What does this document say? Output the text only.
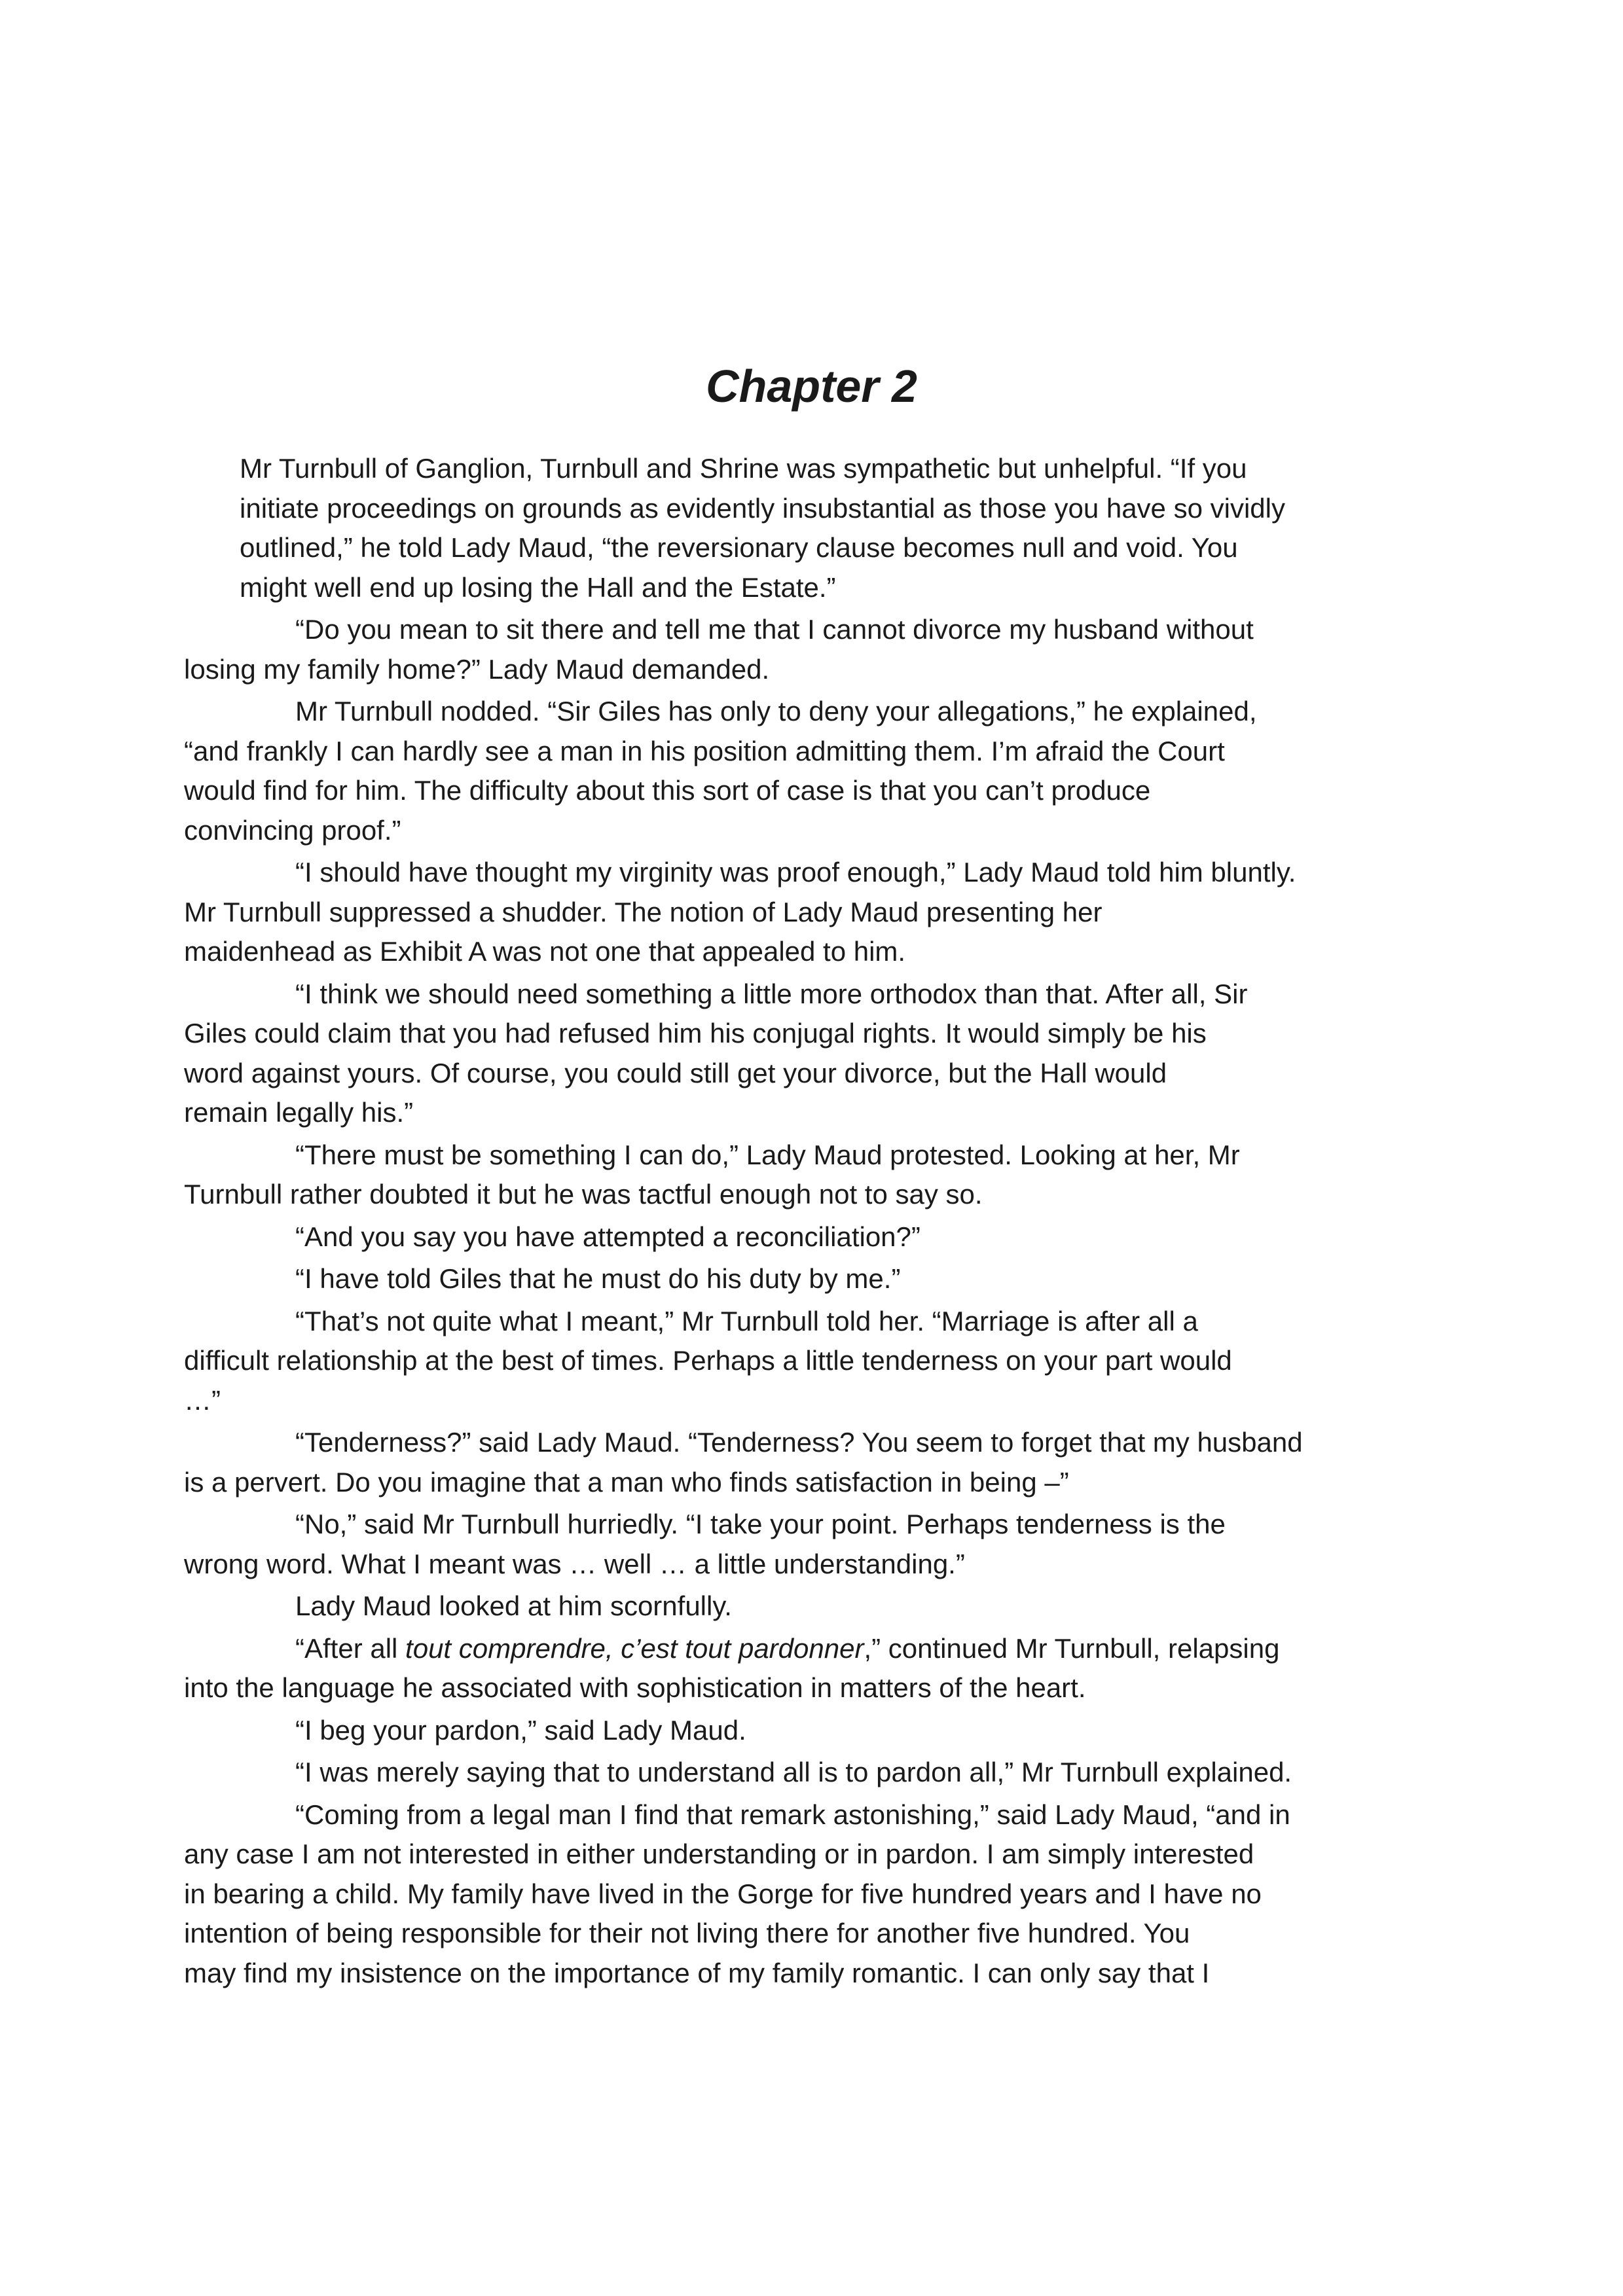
Chapter 2

Mr Turnbull of Ganglion, Turnbull and Shrine was sympathetic but unhelpful. “If you
initiate proceedings on grounds as evidently insubstantial as those you have so vividly
outlined,” he told Lady Maud, “the reversionary clause becomes null and void. You
might well end up losing the Hall and the Estate.”

“Do you mean to sit there and tell me that I cannot divorce my husband without
losing my family home?” Lady Maud demanded.

Mr Turnbull nodded. “Sir Giles has only to deny your allegations,” he explained,
“and frankly I can hardly see a man in his position admitting them. I’m afraid the Court
would find for him. The difficulty about this sort of case is that you can’t produce
convincing proof.”

“I should have thought my virginity was proof enough,” Lady Maud told him bluntly.
Mr Turnbull suppressed a shudder. The notion of Lady Maud presenting her
maidenhead as Exhibit A was not one that appealed to him.

“I think we should need something a little more orthodox than that. After all, Sir
Giles could claim that you had refused him his conjugal rights. It would simply be his
word against yours. Of course, you could still get your divorce, but the Hall would
remain legally his.”

“There must be something I can do,” Lady Maud protested. Looking at her, Mr
Turnbull rather doubted it but he was tactful enough not to say so.

“And you say you have attempted a reconciliation?”

“I have told Giles that he must do his duty by me.”

“That’s not quite what I meant,” Mr Turnbull told her. “Marriage is after all a
difficult relationship at the best of times. Perhaps a little tenderness on your part would
…”

“Tenderness?” said Lady Maud. “Tenderness? You seem to forget that my husband
is a pervert. Do you imagine that a man who finds satisfaction in being –”

“No,” said Mr Turnbull hurriedly. “I take your point. Perhaps tenderness is the
wrong word. What I meant was … well … a little understanding.”

Lady Maud looked at him scornfully.

“After all tout comprendre, c’est tout pardonner,” continued Mr Turnbull, relapsing
into the language he associated with sophistication in matters of the heart.

“I beg your pardon,” said Lady Maud.

“I was merely saying that to understand all is to pardon all,” Mr Turnbull explained.

“Coming from a legal man I find that remark astonishing,” said Lady Maud, “and in
any case I am not interested in either understanding or in pardon. I am simply interested
in bearing a child. My family have lived in the Gorge for five hundred years and I have no
intention of being responsible for their not living there for another five hundred. You
may find my insistence on the importance of my family romantic. I can only say that I
